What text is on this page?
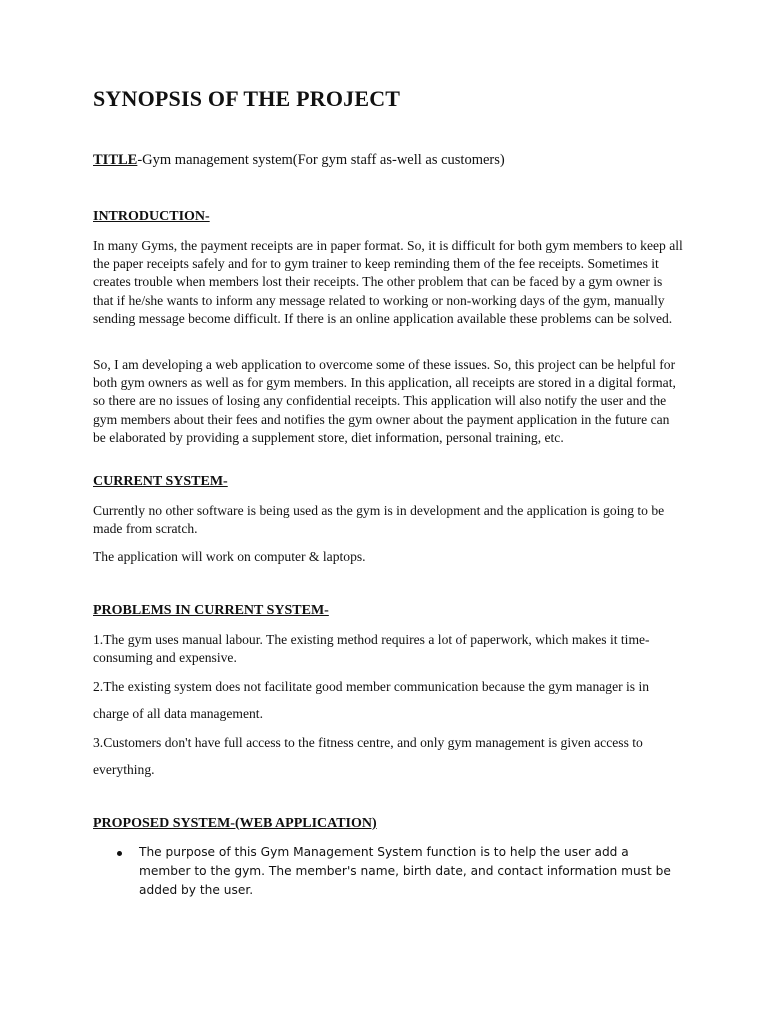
SYNOPSIS OF THE PROJECT
TITLE-Gym management system(For gym staff as-well as customers)
INTRODUCTION-

In many Gyms, the payment receipts are in paper format. So, it is difficult for both gym members to keep all the paper receipts safely and for to gym trainer to keep reminding them of the fee receipts. Sometimes it creates trouble when members lost their receipts. The other problem that can be faced by a gym owner is that if he/she wants to inform any message related to working or non-working days of the gym, manually sending message become difficult. If there is an online application available these problems can be solved.

So, I am developing a web application to overcome some of these issues. So, this project can be helpful for both gym owners as well as for gym members. In this application, all receipts are stored in a digital format, so there are no issues of losing any confidential receipts. This application will also notify the user and the gym members about their fees and notifies the gym owner about the payment application in the future can be elaborated by providing a supplement store, diet information, personal training, etc.

CURRENT SYSTEM-

Currently no other software is being used as the gym is in development and the application is going to be made from scratch.

The application will work on computer & laptops.

PROBLEMS IN CURRENT SYSTEM-

1.The gym uses manual labour. The existing method requires a lot of paperwork, which makes it time-consuming and expensive.

2.The existing system does not facilitate good member communication because the gym manager is in charge of all data management.

3.Customers don't have full access to the fitness centre, and only gym management is given access to everything.

PROPOSED SYSTEM-(WEB APPLICATION)
The purpose of this Gym Management System function is to help the user add a member to the gym. The member's name, birth date, and contact information must be added by the user.
